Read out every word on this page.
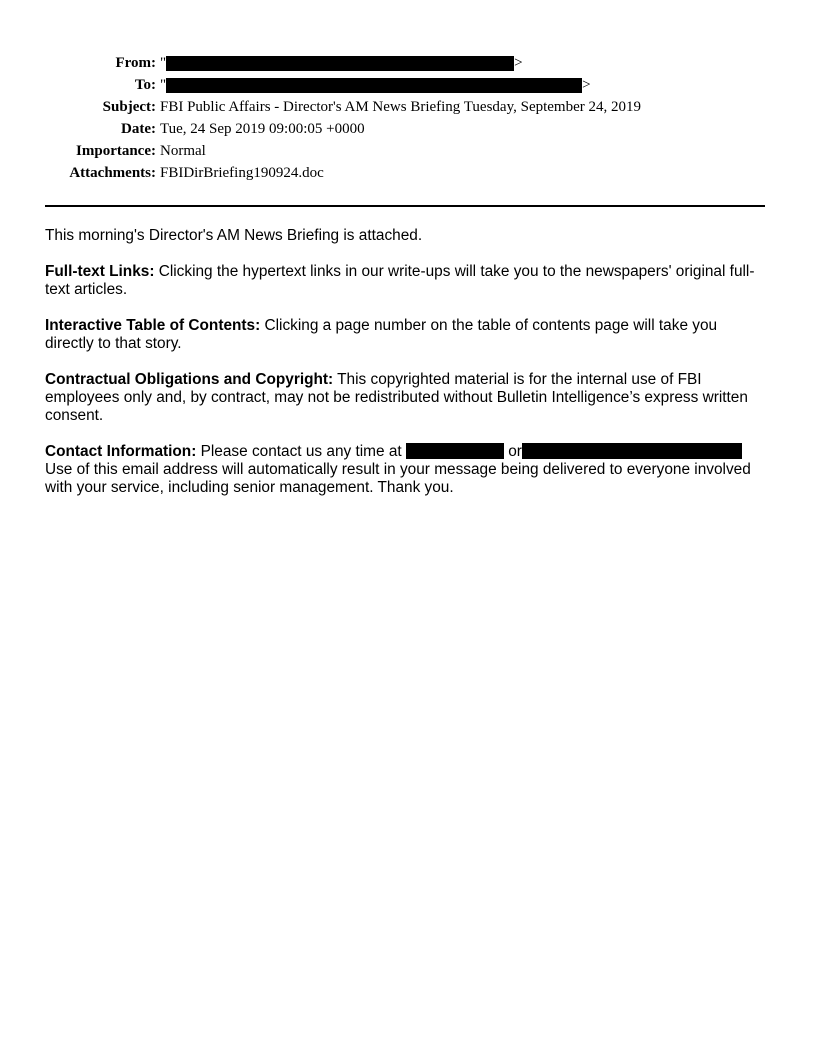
From: "	>
To: "	>
Subject: FBI Public Affairs - Director's AM News Briefing Tuesday, September 24, 2019
Date: Tue, 24 Sep 2019 09:00:05 +0000
Importance: Normal
Attachments: FBIDirBriefing190924.doc

This morning's Director's AM News Briefing is attached.

Full-text Links: Clicking the hypertext links in our write-ups will take you to the newspapers' original full-text articles.

Interactive Table of Contents: Clicking a page number on the table of contents page will take you directly to that story.

Contractual Obligations and Copyright: This copyrighted material is for the internal use of FBI employees only and, by contract, may not be redistributed without Bulletin Intelligence’s express written consent.

Contact Information: Please contact us any time at	or Use of this email address will automatically result in your message being delivered to everyone involved with your service, including senior management. Thank you.
